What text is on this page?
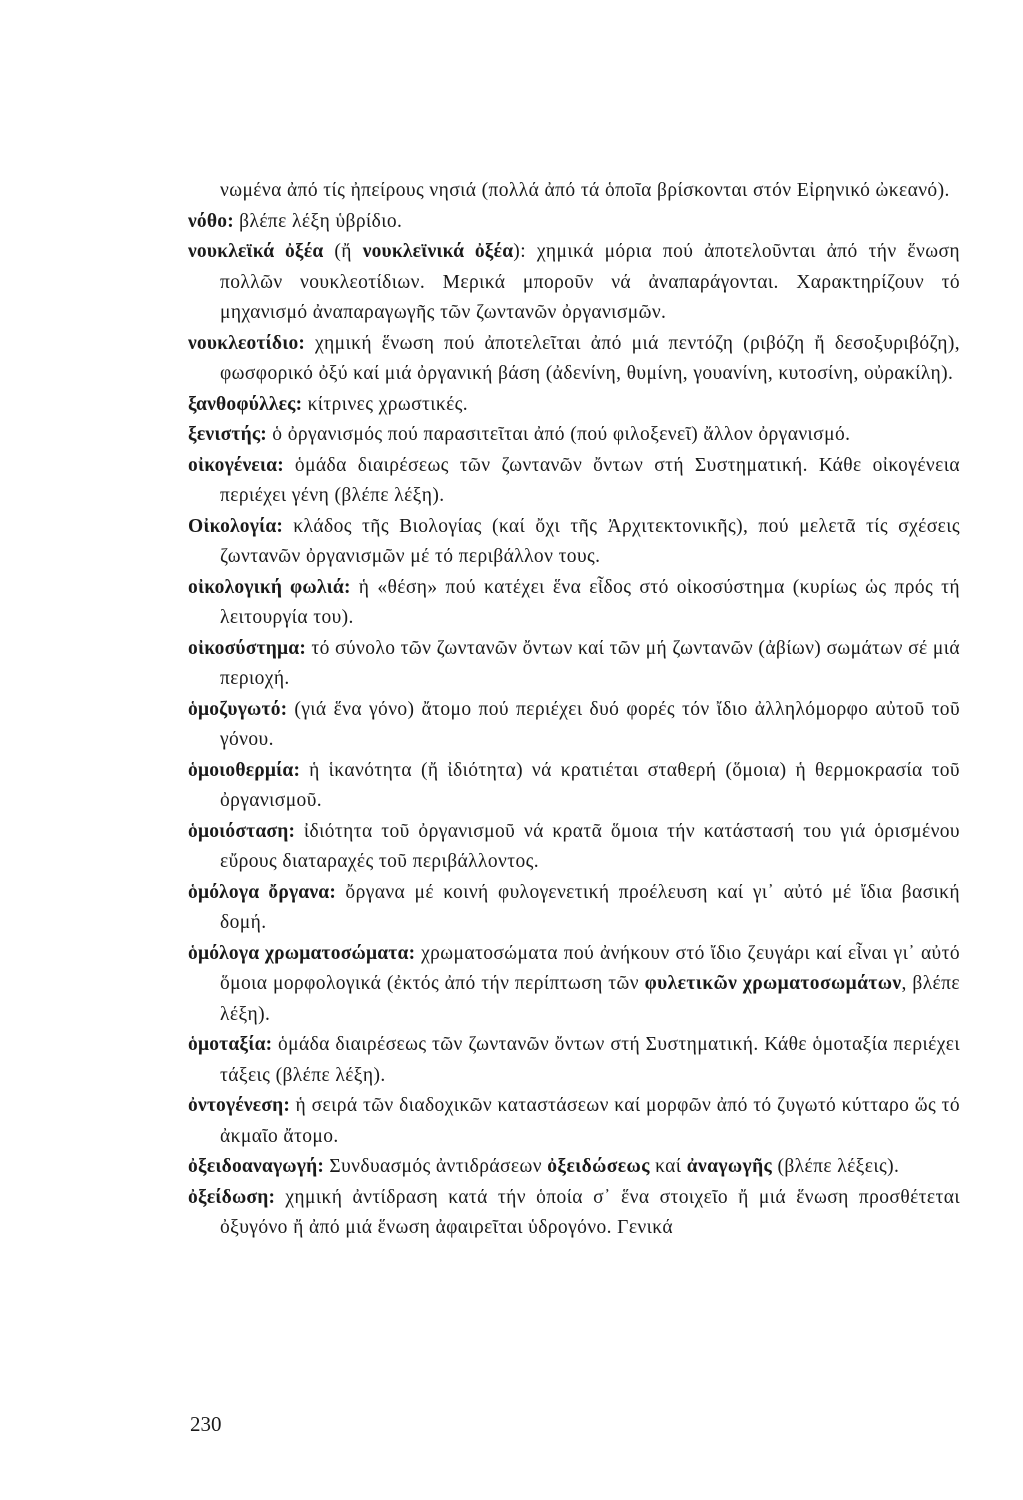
νωμένα ἀπό τίς ἠπείρους νησιά (πολλά ἀπό τά ὁποῖα βρίσκονται στόν Εἰρηνικό ὠκεανό).

νόθο: βλέπε λέξη ὑβρίδιο.

νουκλεϊκά ὀξέα (ἤ νουκλεϊνικά ὀξέα): χημικά μόρια πού ἀποτελοῦνται ἀπό τήν ἕνωση πολλῶν νουκλεοτίδιων. Μερικά μποροῦν νά ἀναπαράγονται. Χαρακτηρίζουν τό μηχανισμό ἀναπαραγωγῆς τῶν ζωντανῶν ὀργανισμῶν.

νουκλεοτίδιο: χημική ἕνωση πού ἀποτελεῖται ἀπό μιά πεντόζη (ριβόζη ἤ δεσοξυριβόζη), φωσφορικό ὀξύ καί μιά ὀργανική βάση (ἀδενίνη, θυμίνη, γουανίνη, κυτοσίνη, οὐρακίλη).

ξανθοφύλλες: κίτρινες χρωστικές.

ξενιστής: ὁ ὀργανισμός πού παρασιτεῖται ἀπό (πού φιλοξενεῖ) ἄλλον ὀργανισμό.

οἰκογένεια: ὁμάδα διαιρέσεως τῶν ζωντανῶν ὄντων στή Συστηματική. Κάθε οἰκογένεια περιέχει γένη (βλέπε λέξη).

Οἰκολογία: κλάδος τῆς Βιολογίας (καί ὄχι τῆς Ἀρχιτεκτονικῆς), πού μελετᾶ τίς σχέσεις ζωντανῶν ὀργανισμῶν μέ τό περιβάλλον τους.

οἰκολογική φωλιά: ἡ «θέση» πού κατέχει ἕνα εἶδος στό οἰκοσύστημα (κυρίως ὡς πρός τή λειτουργία του).

οἰκοσύστημα: τό σύνολο τῶν ζωντανῶν ὄντων καί τῶν μή ζωντανῶν (ἀβίων) σωμάτων σέ μιά περιοχή.

ὁμοζυγωτό: (γιά ἕνα γόνο) ἄτομο πού περιέχει δυό φορές τόν ἴδιο ἀλληλόμορφο αὐτοῦ τοῦ γόνου.

ὁμοιοθερμία: ἡ ἱκανότητα (ἤ ἰδιότητα) νά κρατιέται σταθερή (ὅμοια) ἡ θερμοκρασία τοῦ ὀργανισμοῦ.

ὁμοιόσταση: ἰδιότητα τοῦ ὀργανισμοῦ νά κρατᾶ ὅμοια τήν κατάστασή του γιά ὁρισμένου εὔρους διαταραχές τοῦ περιβάλλοντος.

ὁμόλογα ὄργανα: ὄργανα μέ κοινή φυλογενετική προέλευση καί γι᾽ αὐτό μέ ἴδια βασική δομή.

ὁμόλογα χρωματοσώματα: χρωματοσώματα πού ἀνήκουν στό ἴδιο ζευγάρι καί εἶναι γι᾽ αὐτό ὅμοια μορφολογικά (ἐκτός ἀπό τήν περίπτωση τῶν φυλετικῶν χρωματοσωμάτων, βλέπε λέξη).

ὁμοταξία: ὁμάδα διαιρέσεως τῶν ζωντανῶν ὄντων στή Συστηματική. Κάθε ὁμοταξία περιέχει τάξεις (βλέπε λέξη).

ὀντογένεση: ἡ σειρά τῶν διαδοχικῶν καταστάσεων καί μορφῶν ἀπό τό ζυγωτό κύτταρο ὥς τό ἀκμαῖο ἄτομο.

ὀξειδοαναγωγή: Συνδυασμός ἀντιδράσεων ὀξειδώσεως καί ἀναγωγῆς (βλέπε λέξεις).

ὀξείδωση: χημική ἀντίδραση κατά τήν ὁποία σ᾽ ἕνα στοιχεῖο ἤ μιά ἕνωση προσθέτεται ὀξυγόνο ἤ ἀπό μιά ἕνωση ἀφαιρεῖται ὑδρογόνο. Γενικά

230
